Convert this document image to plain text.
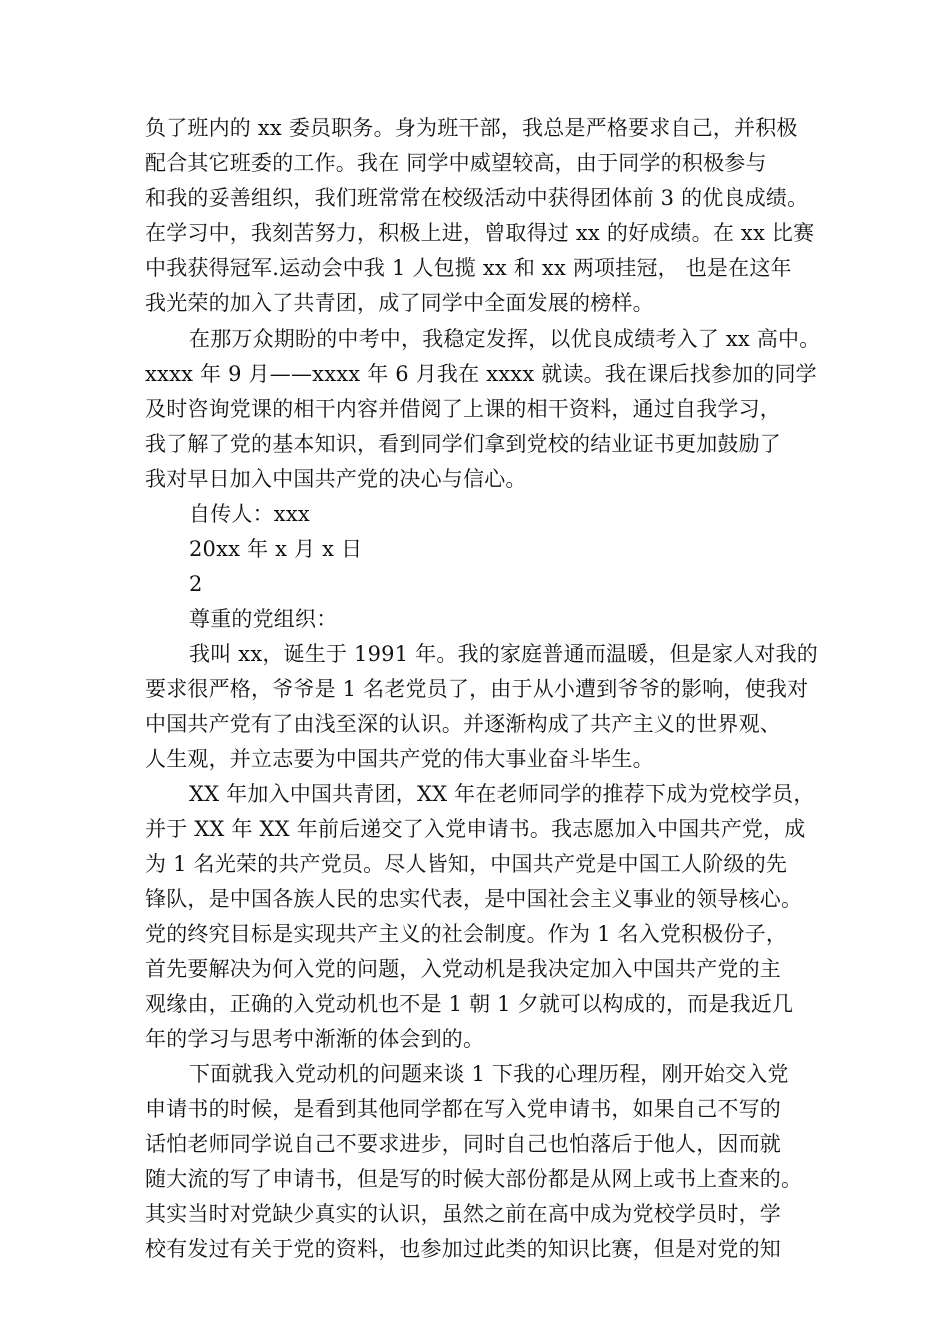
负了班内的 xx 委员职务。身为班干部，我总是严格要求自己，并积极
配合其它班委的工作。我在 同学中威望较高，由于同学的积极参与
和我的妥善组织，我们班常常在校级活动中获得团体前 3 的优良成绩。
在学习中，我刻苦努力，积极上进，曾取得过 xx 的好成绩。在 xx 比赛
中我获得冠军.运动会中我 1 人包揽 xx 和 xx 两项挂冠， 也是在这年
我光荣的加入了共青团，成了同学中全面发展的榜样。
在那万众期盼的中考中，我稳定发挥，以优良成绩考入了 xx 高中。
xxxx 年 9 月——xxxx 年 6 月我在 xxxx 就读。我在课后找参加的同学
及时咨询党课的相干内容并借阅了上课的相干资料，通过自我学习，
我了解了党的基本知识，看到同学们拿到党校的结业证书更加鼓励了
我对早日加入中国共产党的决心与信心。
自传人：xxx
20xx 年 x 月 x 日
2
尊重的党组织：
我叫 xx，诞生于 1991 年。我的家庭普通而温暖，但是家人对我的
要求很严格，爷爷是 1 名老党员了，由于从小遭到爷爷的影响，使我对
中国共产党有了由浅至深的认识。并逐渐构成了共产主义的世界观、
人生观，并立志要为中国共产党的伟大事业奋斗毕生。
XX 年加入中国共青团，XX 年在老师同学的推荐下成为党校学员，
并于 XX 年 XX 年前后递交了入党申请书。我志愿加入中国共产党，成
为 1 名光荣的共产党员。尽人皆知，中国共产党是中国工人阶级的先
锋队，是中国各族人民的忠实代表，是中国社会主义事业的领导核心。
党的终究目标是实现共产主义的社会制度。作为 1 名入党积极份子，
首先要解决为何入党的问题，入党动机是我决定加入中国共产党的主
观缘由，正确的入党动机也不是 1 朝 1 夕就可以构成的，而是我近几
年的学习与思考中渐渐的体会到的。
下面就我入党动机的问题来谈 1 下我的心理历程，刚开始交入党
申请书的时候，是看到其他同学都在写入党申请书，如果自己不写的
话怕老师同学说自己不要求进步，同时自己也怕落后于他人，因而就
随大流的写了申请书，但是写的时候大部份都是从网上或书上查来的。
其实当时对党缺少真实的认识，虽然之前在高中成为党校学员时，学
校有发过有关于党的资料，也参加过此类的知识比赛，但是对党的知
